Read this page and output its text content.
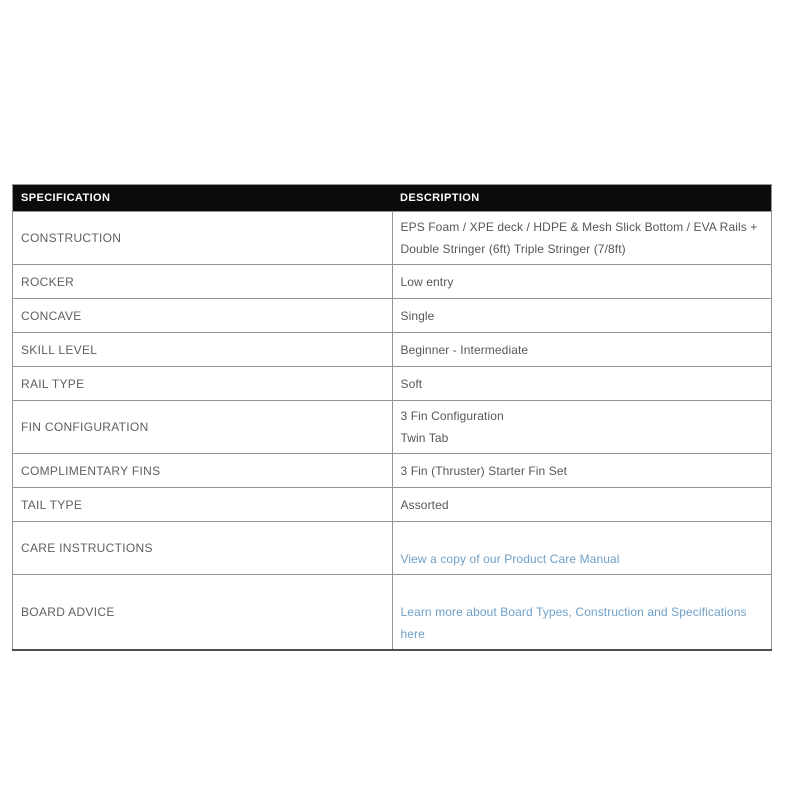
SPECIFICATION	DESCRIPTION
CONSTRUCTION	EPS Foam / XPE deck / HDPE & Mesh Slick Bottom / EVA Rails + Double Stringer (6ft) Triple Stringer (7/8ft)
ROCKER	Low entry
CONCAVE	Single
SKILL LEVEL	Beginner - Intermediate
RAIL TYPE	Soft
FIN CONFIGURATION	3 Fin Configuration
Twin Tab

COMPLIMENTARY FINS	3 Fin (Thruster) Starter Fin Set
TAIL TYPE	Assorted
CARE INSTRUCTIONS	View a copy of our Product Care Manual
BOARD ADVICE	Learn more about Board Types, Construction and Specifications here
